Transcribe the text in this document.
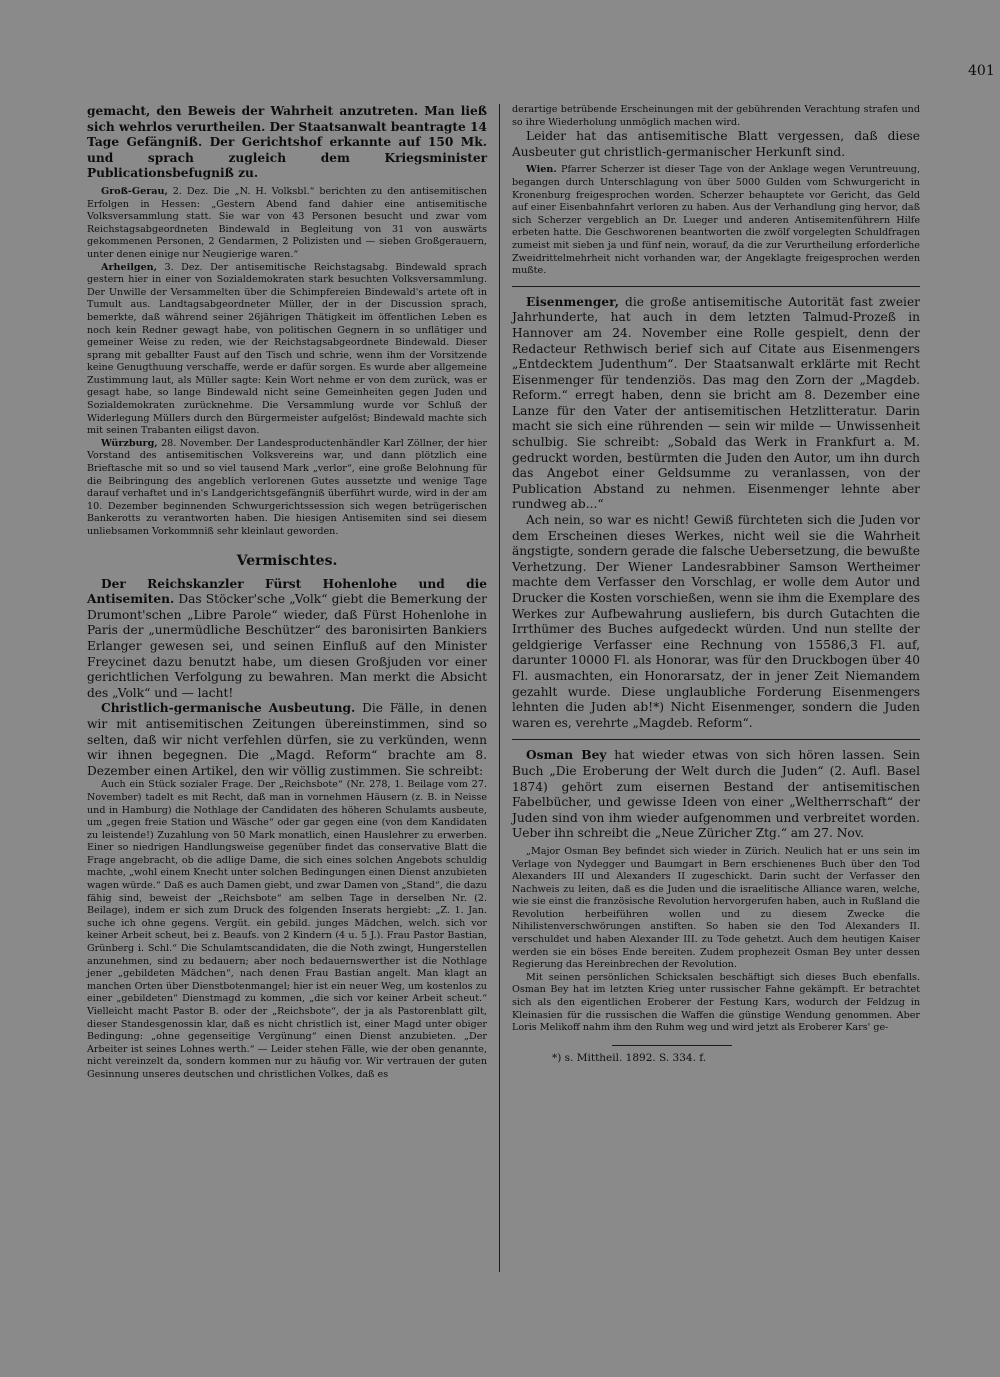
401

gemacht, den Beweis der Wahrheit anzutreten. Man ließ sich wehrlos verurtheilen. Der Staatsanwalt beantragte 14 Tage Gefängniß. Der Gerichtshof erkannte auf 150 Mk. und sprach zugleich dem Kriegsminister Publicationsbefugniß zu.

Groß-Gerau, 2. Dez. Die „N. H. Volksbl.“ berichten zu den antisemitischen Erfolgen in Hessen: „Gestern Abend fand dahier eine antisemitische Volksversammlung statt. Sie war von 43 Personen besucht und zwar vom Reichstagsabgeordneten Bindewald in Begleitung von 31 von auswärts gekommenen Personen, 2 Gendarmen, 2 Polizisten und — sieben Großgerauern, unter denen einige nur Neugierige waren.“

Arheilgen, 3. Dez. Der antisemitische Reichstagsabg. Bindewald sprach gestern hier in einer von Sozialdemokraten stark besuchten Volksversammlung. Der Unwille der Versammelten über die Schimpfereien Bindewald's artete oft in Tumult aus. Landtagsabgeordneter Müller, der in der Discussion sprach, bemerkte, daß während seiner 26jährigen Thätigkeit im öffentlichen Leben es noch kein Redner gewagt habe, von politischen Gegnern in so unflätiger und gemeiner Weise zu reden, wie der Reichstagsabgeordnete Bindewald. Dieser sprang mit geballter Faust auf den Tisch und schrie, wenn ihm der Vorsitzende keine Genugthuung verschaffe, werde er dafür sorgen. Es wurde aber allgemeine Zustimmung laut, als Müller sagte: Kein Wort nehme er von dem zurück, was er gesagt habe, so lange Bindewald nicht seine Gemeinheiten gegen Juden und Sozialdemokraten zurücknehme. Die Versammlung wurde vor Schluß der Widerlegung Müllers durch den Bürgermeister aufgelöst; Bindewald machte sich mit seinen Trabanten eiligst davon.

Würzburg, 28. November. Der Landesproductenhändler Karl Zöllner, der hier Vorstand des antisemitischen Volksvereins war, und dann plötzlich eine Brieftasche mit so und so viel tausend Mark „verlor“, eine große Belohnung für die Beibringung des angeblich verlorenen Gutes aussetzte und wenige Tage darauf verhaftet und in's Landgerichtsgefängniß überführt wurde, wird in der am 10. Dezember beginnenden Schwurgerichtssession sich wegen betrügerischen Bankerotts zu verantworten haben. Die hiesigen Antisemiten sind sei diesem unliebsamen Vorkommniß sehr kleinlaut geworden.

Vermischtes.

Der Reichskanzler Fürst Hohenlohe und die Antisemiten. Das Stöcker'sche „Volk“ giebt die Bemerkung der Drumont'schen „Libre Parole“ wieder, daß Fürst Hohenlohe in Paris der „unermüdliche Beschützer“ des baronisirten Bankiers Erlanger gewesen sei, und seinen Einfluß auf den Minister Freycinet dazu benutzt habe, um diesen Großjuden vor einer gerichtlichen Verfolgung zu bewahren. Man merkt die Absicht des „Volk“ und — lacht!

Christlich-germanische Ausbeutung. Die Fälle, in denen wir mit antisemitischen Zeitungen übereinstimmen, sind so selten, daß wir nicht verfehlen dürfen, sie zu verkünden, wenn wir ihnen begegnen. Die „Magd. Reform“ brachte am 8. Dezember einen Artikel, den wir völlig zustimmen. Sie schreibt:

Auch ein Stück sozialer Frage. Der „Reichsbote“ (Nr. 278, 1. Beilage vom 27. November) tadelt es mit Recht, daß man in vornehmen Häusern (z. B. in Neisse und in Hamburg) die Nothlage der Candidaten des höheren Schulamts ausbeute, um „gegen freie Station und Wäsche“ oder gar gegen eine (von dem Kandidaten zu leistende!) Zuzahlung von 50 Mark monatlich, einen Hauslehrer zu erwerben. Einer so niedrigen Handlungsweise gegenüber findet das conservative Blatt die Frage angebracht, ob die adlige Dame, die sich eines solchen Angebots schuldig machte, „wohl einem Knecht unter solchen Bedingungen einen Dienst anzubieten wagen würde.“ Daß es auch Damen giebt, und zwar Damen von „Stand“, die dazu fähig sind, beweist der „Reichsbote“ am selben Tage in derselben Nr. (2. Beilage), indem er sich zum Druck des folgenden Inserats hergiebt: „Z. 1. Jan. suche ich ohne gegens. Vergüt. ein gebild. junges Mädchen, welch. sich vor keiner Arbeit scheut, bei z. Beaufs. von 2 Kindern (4 u. 5 J.). Frau Pastor Bastian, Grünberg i. Schl.“ Die Schulamtscandidaten, die die Noth zwingt, Hungerstellen anzunehmen, sind zu bedauern; aber noch bedauernswerther ist die Nothlage jener „gebildeten Mädchen“, nach denen Frau Bastian angelt. Man klagt an manchen Orten über Dienstbotenmangel; hier ist ein neuer Weg, um kostenlos zu einer „gebildeten“ Dienstmagd zu kommen, „die sich vor keiner Arbeit scheut.“ Vielleicht macht Pastor B. oder der „Reichsbote“, der ja als Pastorenblatt gilt, dieser Standesgenossin klar, daß es nicht christlich ist, einer Magd unter obiger Bedingung: „ohne gegenseitige Vergünung“ einen Dienst anzubieten. „Der Arbeiter ist seines Lohnes werth.“ — Leider stehen Fälle, wie der oben genannte, nicht vereinzelt da, sondern kommen nur zu häufig vor. Wir vertrauen der guten Gesinnung unseres deutschen und christlichen Volkes, daß es

derartige betrübende Erscheinungen mit der gebührenden Verachtung strafen und so ihre Wiederholung unmöglich machen wird.

Leider hat das antisemitische Blatt vergessen, daß diese Ausbeuter gut christlich-germanischer Herkunft sind.

Wien. Pfarrer Scherzer ist dieser Tage von der Anklage wegen Veruntreuung, begangen durch Unterschlagung von über 5000 Gulden vom Schwurgericht in Kronenburg freigesprochen worden. Scherzer behauptete vor Gericht, das Geld auf einer Eisenbahnfahrt verloren zu haben. Aus der Verhandlung ging hervor, daß sich Scherzer vergeblich an Dr. Lueger und anderen Antisemitenführern Hilfe erbeten hatte. Die Geschworenen beantworten die zwölf vorgelegten Schuldfragen zumeist mit sieben ja und fünf nein, worauf, da die zur Verurtheilung erforderliche Zweidrittelmehrheit nicht vorhanden war, der Angeklagte freigesprochen werden mußte.

Eisenmenger, die große antisemitische Autorität fast zweier Jahrhunderte, hat auch in dem letzten Talmud-Prozeß in Hannover am 24. November eine Rolle gespielt, denn der Redacteur Rethwisch berief sich auf Citate aus Eisenmengers „Entdecktem Judenthum“. Der Staatsanwalt erklärte mit Recht Eisenmenger für tendenziös. Das mag den Zorn der „Magdeb. Reform.“ erregt haben, denn sie bricht am 8. Dezember eine Lanze für den Vater der antisemitischen Hetzlitteratur. Darin macht sie sich eine rührenden — sein wir milde — Unwissenheit schulbig. Sie schreibt: „Sobald das Werk in Frankfurt a. M. gedruckt worden, bestürmten die Juden den Autor, um ihn durch das Angebot einer Geldsumme zu veranlassen, von der Publication Abstand zu nehmen. Eisenmenger lehnte aber rundweg ab...“

Ach nein, so war es nicht! Gewiß fürchteten sich die Juden vor dem Erscheinen dieses Werkes, nicht weil sie die Wahrheit ängstigte, sondern gerade die falsche Uebersetzung, die bewußte Verhetzung. Der Wiener Landesrabbiner Samson Wertheimer machte dem Verfasser den Vorschlag, er wolle dem Autor und Drucker die Kosten vorschießen, wenn sie ihm die Exemplare des Werkes zur Aufbewahrung ausliefern, bis durch Gutachten die Irrthümer des Buches aufgedeckt würden. Und nun stellte der geldgierige Verfasser eine Rechnung von 15586,3 Fl. auf, darunter 10000 Fl. als Honorar, was für den Druckbogen über 40 Fl. ausmachten, ein Honorarsatz, der in jener Zeit Niemandem gezahlt wurde. Diese unglaubliche Forderung Eisenmengers lehnten die Juden ab!*) Nicht Eisenmenger, sondern die Juden waren es, verehrte „Magdeb. Reform“.

Osman Bey hat wieder etwas von sich hören lassen. Sein Buch „Die Eroberung der Welt durch die Juden“ (2. Aufl. Basel 1874) gehört zum eisernen Bestand der antisemitischen Fabelbücher, und gewisse Ideen von einer „Weltherrschaft“ der Juden sind von ihm wieder aufgenommen und verbreitet worden. Ueber ihn schreibt die „Neue Züricher Ztg.“ am 27. Nov.

„Major Osman Bey befindet sich wieder in Zürich. Neulich hat er uns sein im Verlage von Nydegger und Baumgart in Bern erschienenes Buch über den Tod Alexanders III und Alexanders II zugeschickt. Darin sucht der Verfasser den Nachweis zu leiten, daß es die Juden und die israelitische Alliance waren, welche, wie sie einst die französische Revolution hervorgerufen haben, auch in Rußland die Revolution herbeiführen wollen und zu diesem Zwecke die Nihilistenverschwörungen anstiften. So haben sie den Tod Alexanders II. verschuldet und haben Alexander III. zu Tode gehetzt. Auch dem heutigen Kaiser werden sie ein böses Ende bereiten. Zudem prophezeit Osman Bey unter dessen Regierung das Hereinbrechen der Revolution.

Mit seinen persönlichen Schicksalen beschäftigt sich dieses Buch ebenfalls. Osman Bey hat im letzten Krieg unter russischer Fahne gekämpft. Er betrachtet sich als den eigentlichen Eroberer der Festung Kars, wodurch der Feldzug in Kleinasien für die russischen die Waffen die günstige Wendung genommen. Aber Loris Melikoff nahm ihm den Ruhm weg und wird jetzt als Eroberer Kars' ge-

*) s. Mittheil. 1892. S. 334. f.
